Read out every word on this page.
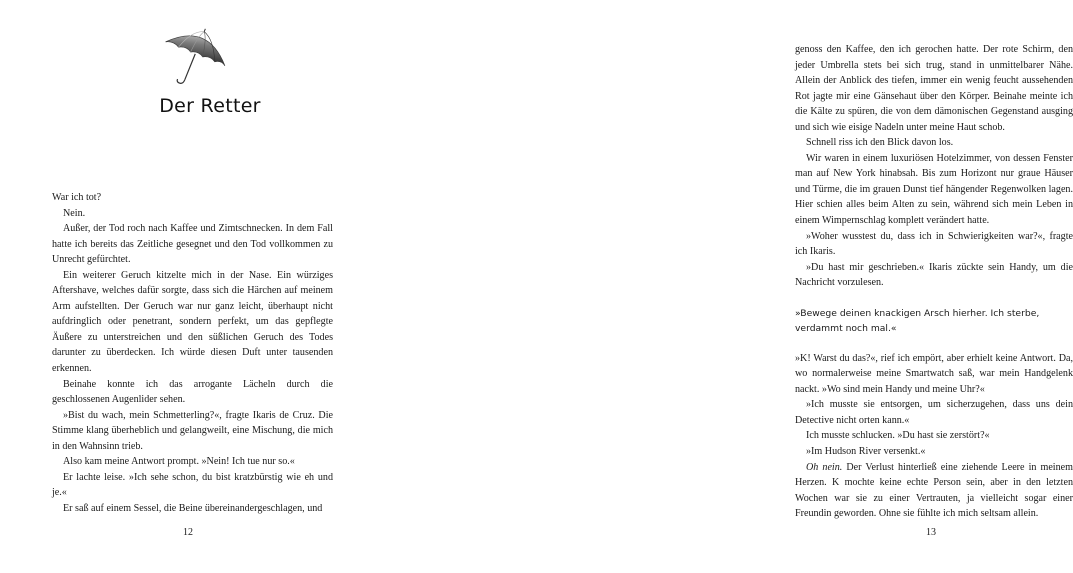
Der Retter

War ich tot?

Nein.

Außer, der Tod roch nach Kaffee und Zimtschnecken. In dem Fall hatte ich bereits das Zeitliche gesegnet und den Tod vollkommen zu Unrecht gefürchtet.

Ein weiterer Geruch kitzelte mich in der Nase. Ein würziges Aftershave, welches dafür sorgte, dass sich die Härchen auf meinem Arm aufstellten. Der Geruch war nur ganz leicht, überhaupt nicht aufdringlich oder penetrant, sondern perfekt, um das gepflegte Äußere zu unterstreichen und den süßlichen Geruch des Todes darunter zu überdecken. Ich würde diesen Duft unter tausenden erkennen.

Beinahe konnte ich das arrogante Lächeln durch die geschlossenen Augenlider sehen.

»Bist du wach, mein Schmetterling?«, fragte Ikaris de Cruz. Die Stimme klang überheblich und gelangweilt, eine Mischung, die mich in den Wahnsinn trieb.

Also kam meine Antwort prompt. »Nein! Ich tue nur so.«

Er lachte leise. »Ich sehe schon, du bist kratzbürstig wie eh und je.«

Er saß auf einem Sessel, die Beine übereinandergeschlagen, und

12

genoss den Kaffee, den ich gerochen hatte. Der rote Schirm, den jeder Umbrella stets bei sich trug, stand in unmittelbarer Nähe. Allein der Anblick des tiefen, immer ein wenig feucht aussehenden Rot jagte mir eine Gänsehaut über den Körper. Beinahe meinte ich die Kälte zu spüren, die von dem dämonischen Gegenstand ausging und sich wie eisige Nadeln unter meine Haut schob.

Schnell riss ich den Blick davon los.

Wir waren in einem luxuriösen Hotelzimmer, von dessen Fenster man auf New York hinabsah. Bis zum Horizont nur graue Häuser und Türme, die im grauen Dunst tief hängender Regenwolken lagen. Hier schien alles beim Alten zu sein, während sich mein Leben in einem Wimpernschlag komplett verändert hatte.

»Woher wusstest du, dass ich in Schwierigkeiten war?«, fragte ich Ikaris.

»Du hast mir geschrieben.« Ikaris zückte sein Handy, um die Nachricht vorzulesen.

»Bewege deinen knackigen Arsch hierher. Ich sterbe, verdammt noch mal.«

»K! Warst du das?«, rief ich empört, aber erhielt keine Antwort. Da, wo normalerweise meine Smartwatch saß, war mein Handgelenk nackt. »Wo sind mein Handy und meine Uhr?«

»Ich musste sie entsorgen, um sicherzugehen, dass uns dein Detective nicht orten kann.«

Ich musste schlucken. »Du hast sie zerstört?«

»Im Hudson River versenkt.«

Oh nein. Der Verlust hinterließ eine ziehende Leere in meinem Herzen. K mochte keine echte Person sein, aber in den letzten Wochen war sie zu einer Vertrauten, ja vielleicht sogar einer Freundin geworden. Ohne sie fühlte ich mich seltsam allein.

13
